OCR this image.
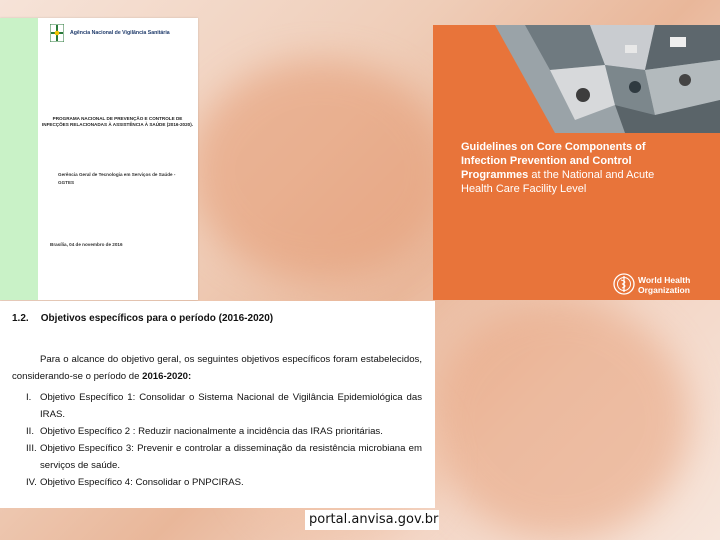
Agência Nacional de Vigilância Sanitária
PROGRAMA NACIONAL DE PREVENÇÃO E CONTROLE DE INFECÇÕES RELACIONADAS À ASSISTÊNCIA À SAÚDE (2016-2020).
Gerência Geral de Tecnologia em Serviços de Saúde - GGTES
Brasília, 04 de novembro de 2016
Guidelines on Core Components of Infection Prevention and Control Programmes at the National and Acute Health Care Facility Level
World Health
Organization
1.2. Objetivos específicos para o período (2016-2020)
Para o alcance do objetivo geral, os seguintes objetivos específicos foram estabelecidos, considerando-se o período de 2016-2020:
I. Objetivo Específico 1: Consolidar o Sistema Nacional de Vigilância Epidemiológica das IRAS.
II. Objetivo Específico 2 : Reduzir nacionalmente a incidência das IRAS prioritárias.
III. Objetivo Específico 3: Prevenir e controlar a disseminação da resistência microbiana em serviços de saúde.
IV. Objetivo Específico 4: Consolidar o PNPCIRAS.
portal.anvisa.gov.br
